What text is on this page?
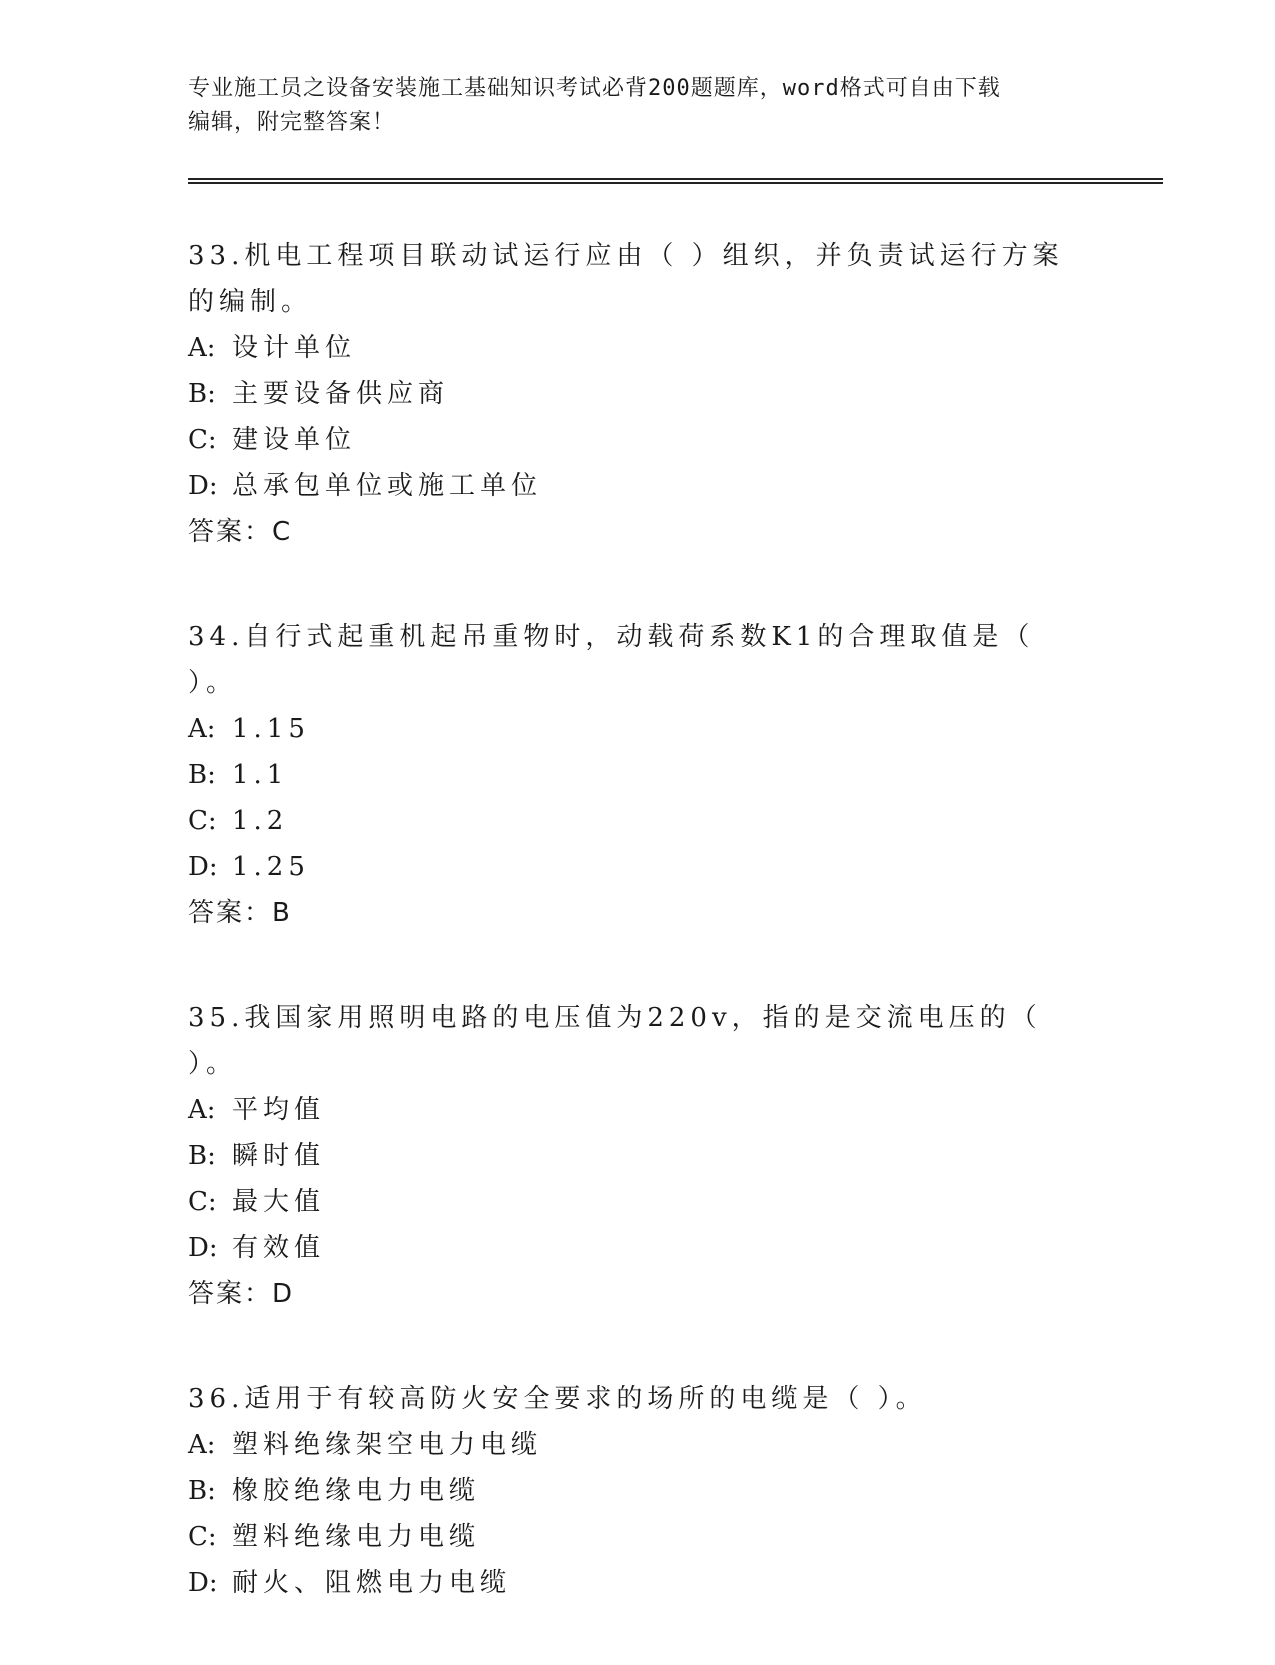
专业施工员之设备安装施工基础知识考试必背200题题库，word格式可自由下载
编辑，附完整答案！

33.机电工程项目联动试运行应由（ ）组织，并负责试运行方案的编制。

A: 设计单位
B: 主要设备供应商
C: 建设单位
D: 总承包单位或施工单位
答案：C

34.自行式起重机起吊重物时，动载荷系数K1的合理取值是（ ）。

A: 1.15
B: 1.1
C: 1.2
D: 1.25
答案：B

35.我国家用照明电路的电压值为220v，指的是交流电压的（ ）。

A: 平均值
B: 瞬时值
C: 最大值
D: 有效值
答案：D

36.适用于有较高防火安全要求的场所的电缆是（ ）。

A: 塑料绝缘架空电力电缆
B: 橡胶绝缘电力电缆
C: 塑料绝缘电力电缆
D: 耐火、阻燃电力电缆
